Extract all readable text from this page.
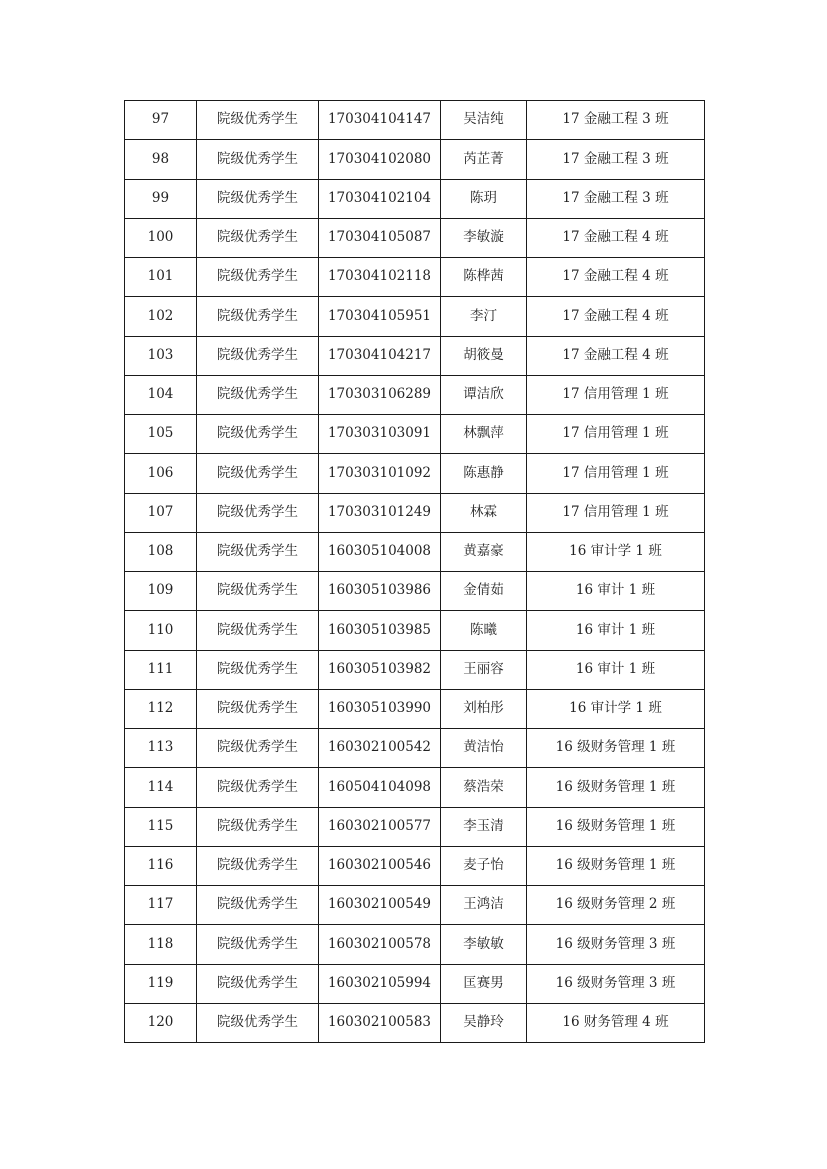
97	院级优秀学生	170304104147	吴洁纯	17 金融工程 3 班
98	院级优秀学生	170304102080	芮芷菁	17 金融工程 3 班
99	院级优秀学生	170304102104	陈玥	17 金融工程 3 班
100	院级优秀学生	170304105087	李敏漩	17 金融工程 4 班
101	院级优秀学生	170304102118	陈桦茜	17 金融工程 4 班
102	院级优秀学生	170304105951	李汀	17 金融工程 4 班
103	院级优秀学生	170304104217	胡筱曼	17 金融工程 4 班
104	院级优秀学生	170303106289	谭洁欣	17 信用管理 1 班
105	院级优秀学生	170303103091	林飘萍	17 信用管理 1 班
106	院级优秀学生	170303101092	陈惠静	17 信用管理 1 班
107	院级优秀学生	170303101249	林霖	17 信用管理 1 班
108	院级优秀学生	160305104008	黄嘉豪	16 审计学 1 班
109	院级优秀学生	160305103986	金倩茹	16 审计 1 班
110	院级优秀学生	160305103985	陈曦	16 审计 1 班
111	院级优秀学生	160305103982	王丽容	16 审计 1 班
112	院级优秀学生	160305103990	刘柏彤	16 审计学 1 班
113	院级优秀学生	160302100542	黄洁怡	16 级财务管理 1 班
114	院级优秀学生	160504104098	蔡浩荣	16 级财务管理 1 班
115	院级优秀学生	160302100577	李玉清	16 级财务管理 1 班
116	院级优秀学生	160302100546	麦子怡	16 级财务管理 1 班
117	院级优秀学生	160302100549	王鸿洁	16 级财务管理 2 班
118	院级优秀学生	160302100578	李敏敏	16 级财务管理 3 班
119	院级优秀学生	160302105994	匡赛男	16 级财务管理 3 班
120	院级优秀学生	160302100583	吴静玲	16 财务管理 4 班
